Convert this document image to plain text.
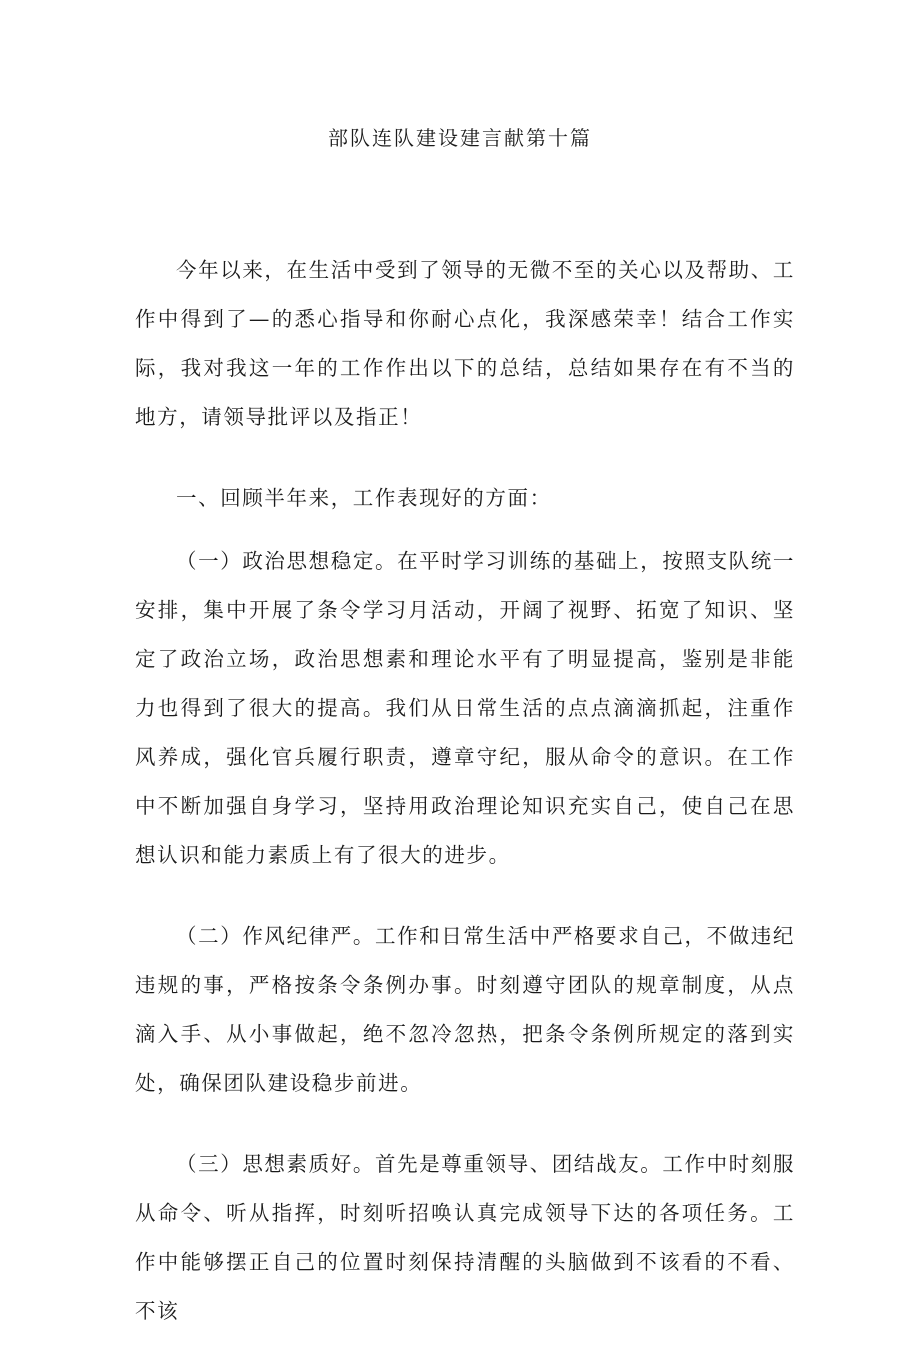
部队连队建设建言献第十篇

今年以来，在生活中受到了领导的无微不至的关心以及帮助、工作中得到了—的悉心指导和你耐心点化，我深感荣幸！结合工作实际，我对我这一年的工作作出以下的总结，总结如果存在有不当的地方，请领导批评以及指正！

一、回顾半年来，工作表现好的方面：

（一）政治思想稳定。在平时学习训练的基础上，按照支队统一安排，集中开展了条令学习月活动，开阔了视野、拓宽了知识、坚定了政治立场，政治思想素和理论水平有了明显提高，鉴别是非能力也得到了很大的提高。我们从日常生活的点点滴滴抓起，注重作风养成，强化官兵履行职责，遵章守纪，服从命令的意识。在工作中不断加强自身学习，坚持用政治理论知识充实自己，使自己在思想认识和能力素质上有了很大的进步。

（二）作风纪律严。工作和日常生活中严格要求自己，不做违纪违规的事，严格按条令条例办事。时刻遵守团队的规章制度，从点滴入手、从小事做起，绝不忽冷忽热，把条令条例所规定的落到实处，确保团队建设稳步前进。

（三）思想素质好。首先是尊重领导、团结战友。工作中时刻服从命令、听从指挥，时刻听招唤认真完成领导下达的各项任务。工作中能够摆正自己的位置时刻保持清醒的头脑做到不该看的不看、不该
